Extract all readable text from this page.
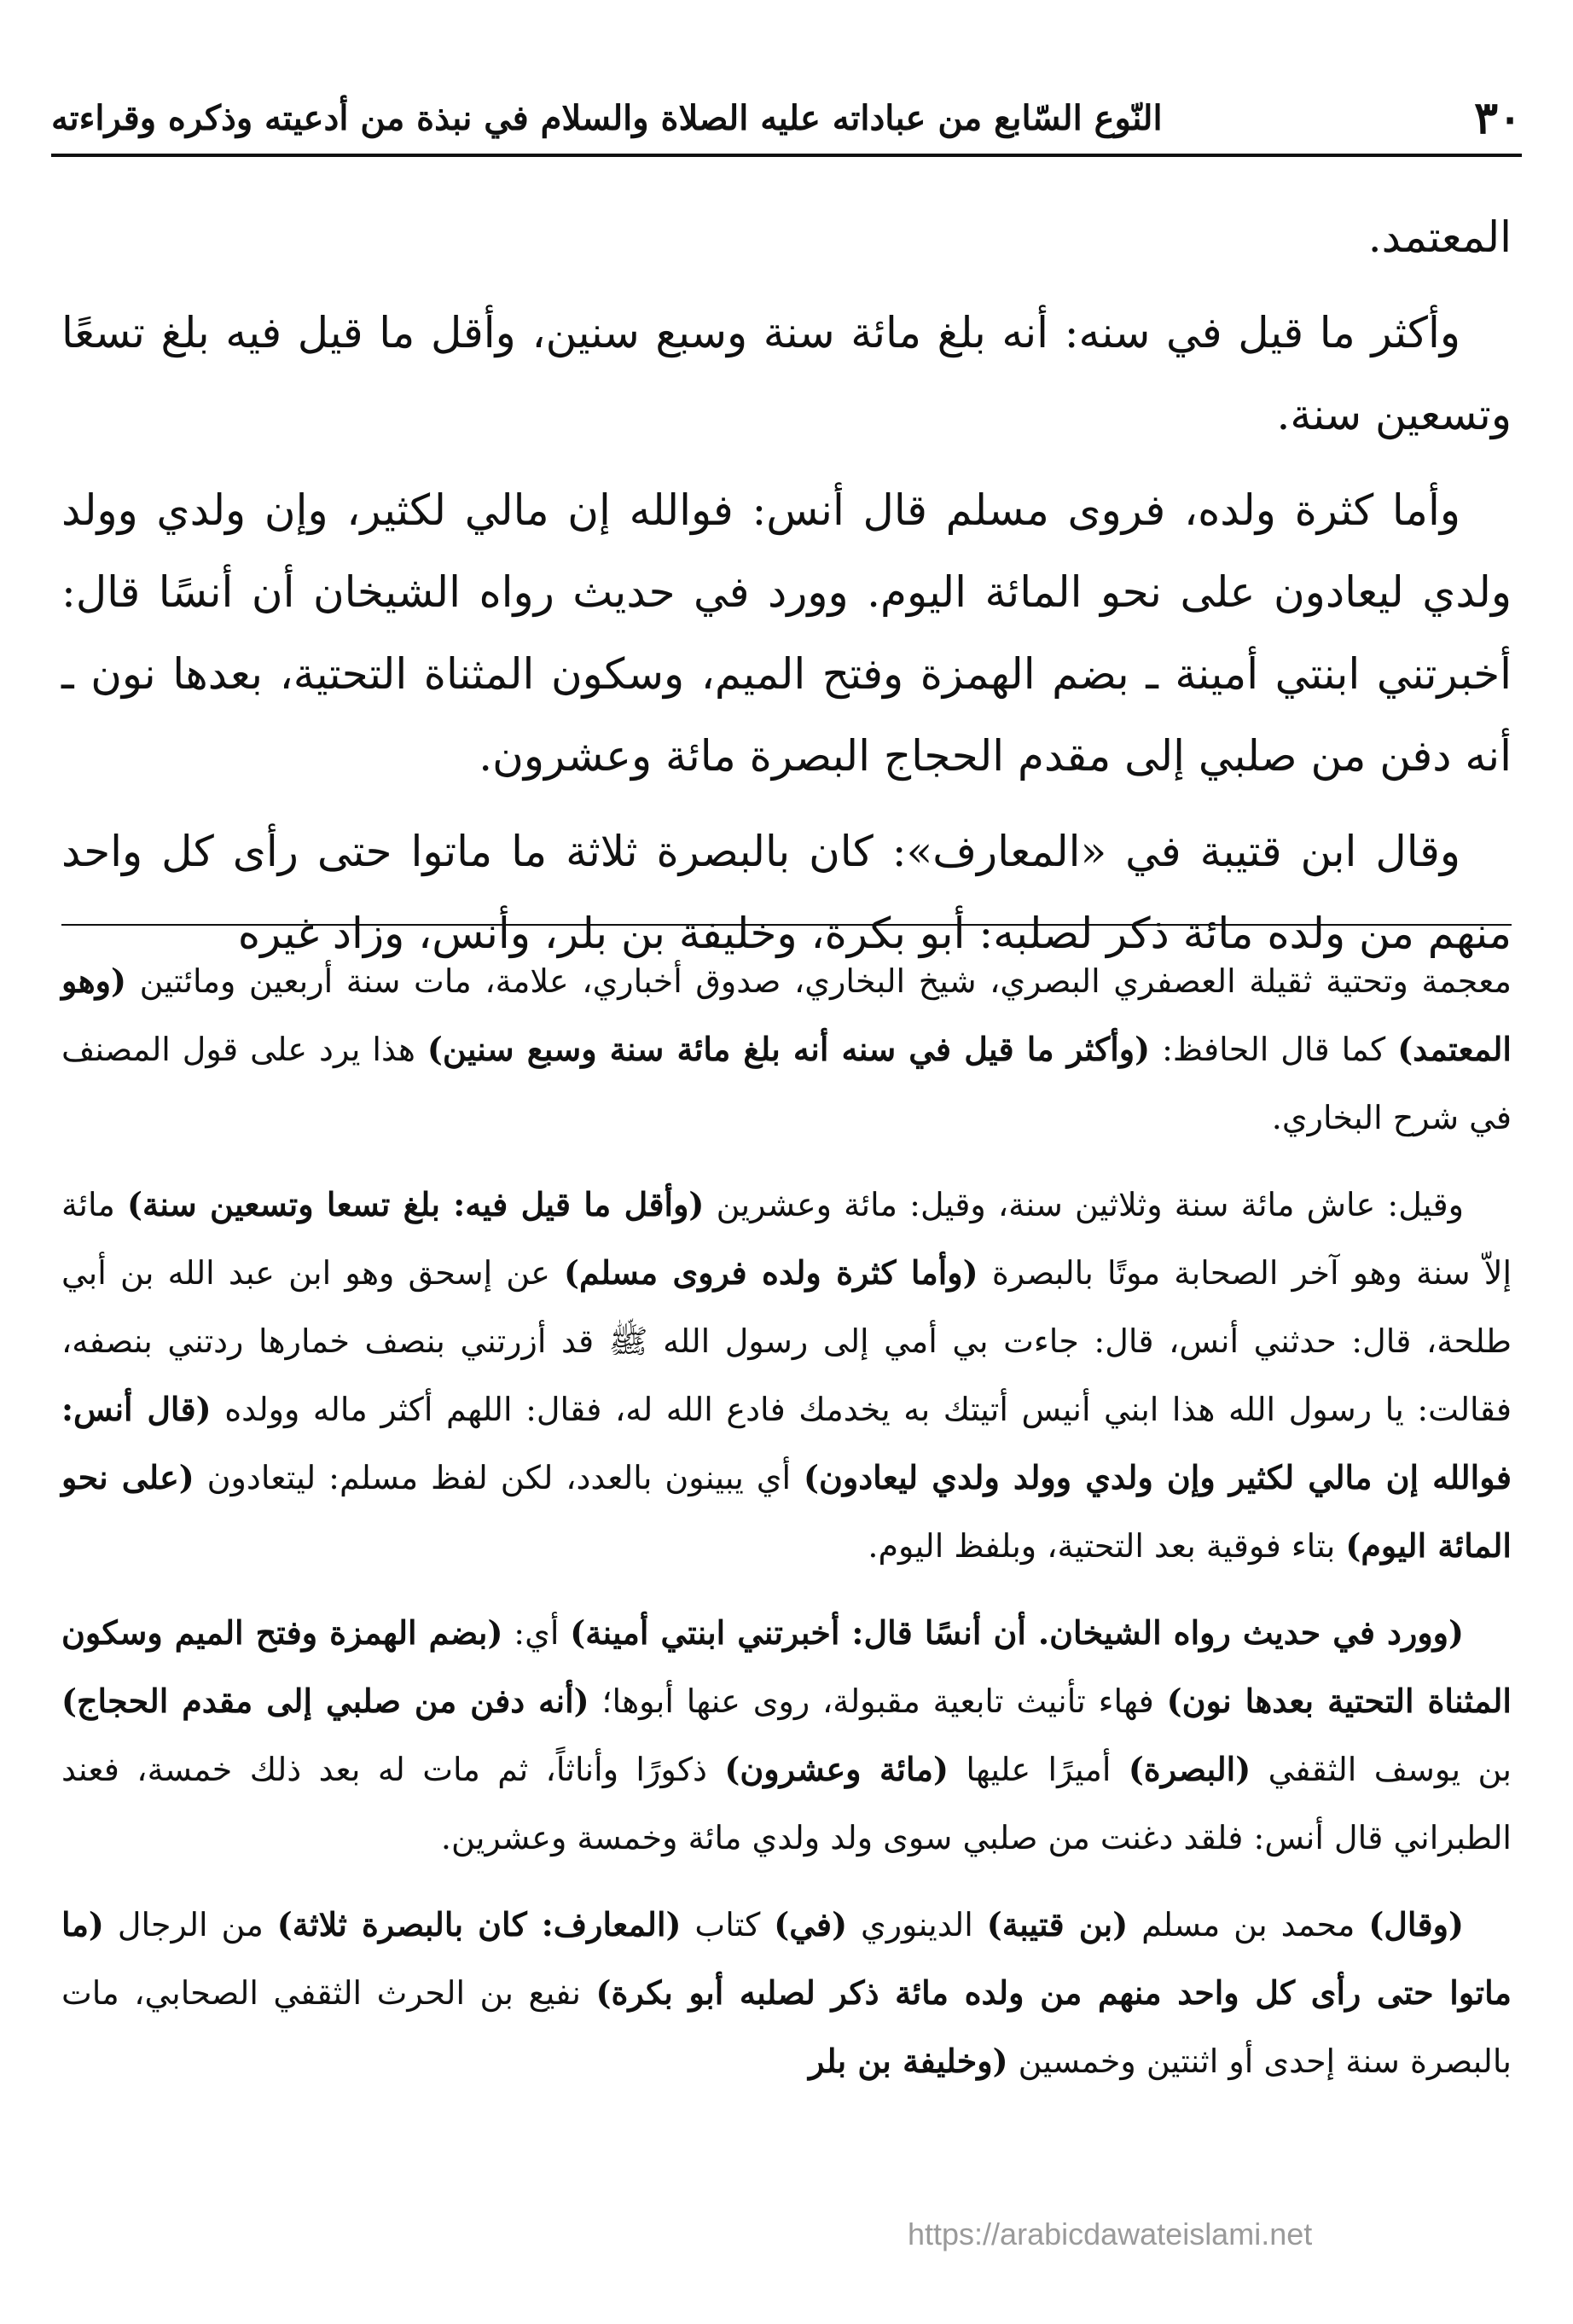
٣٠
النّوع السّابع من عباداته عليه الصلاة والسلام في نبذة من أدعيته وذكره وقراءته

المعتمد.

وأكثر ما قيل في سنه: أنه بلغ مائة سنة وسبع سنين، وأقل ما قيل فيه بلغ تسعًا وتسعين سنة.

وأما كثرة ولده، فروى مسلم قال أنس: فوالله إن مالي لكثير، وإن ولدي وولد ولدي ليعادون على نحو المائة اليوم. وورد في حديث رواه الشيخان أن أنسًا قال: أخبرتني ابنتي أمينة ـ بضم الهمزة وفتح الميم، وسكون المثناة التحتية، بعدها نون ـ أنه دفن من صلبي إلى مقدم الحجاج البصرة مائة وعشرون.

وقال ابن قتيبة في «المعارف»: كان بالبصرة ثلاثة ما ماتوا حتى رأى كل واحد منهم من ولده مائة ذكر لصلبه: أبو بكرة، وخليفة بن بلر، وأنس، وزاد غيره

معجمة وتحتية ثقيلة العصفري البصري، شيخ البخاري، صدوق أخباري، علامة، مات سنة أربعين ومائتين (وهو المعتمد) كما قال الحافظ: (وأكثر ما قيل في سنه أنه بلغ مائة سنة وسبع سنين) هذا يرد على قول المصنف في شرح البخاري.

وقيل: عاش مائة سنة وثلاثين سنة، وقيل: مائة وعشرين (وأقل ما قيل فيه: بلغ تسعا وتسعين سنة) مائة إلاّ سنة وهو آخر الصحابة موتًا بالبصرة (وأما كثرة ولده فروى مسلم) عن إسحق وهو ابن عبد الله بن أبي طلحة، قال: حدثني أنس، قال: جاءت بي أمي إلى رسول الله ﷺ قد أزرتني بنصف خمارها ردتني بنصفه، فقالت: يا رسول الله هذا ابني أنيس أتيتك به يخدمك فادع الله له، فقال: اللهم أكثر ماله وولده (قال أنس: فوالله إن مالي لكثير وإن ولدي وولد ولدي ليعادون) أي يبينون بالعدد، لكن لفظ مسلم: ليتعادون (على نحو المائة اليوم) بتاء فوقية بعد التحتية، وبلفظ اليوم.

(وورد في حديث رواه الشيخان. أن أنسًا قال: أخبرتني ابنتي أمينة) أي: (بضم الهمزة وفتح الميم وسكون المثناة التحتية بعدها نون) فهاء تأنيث تابعية مقبولة، روى عنها أبوها؛ (أنه دفن من صلبي إلى مقدم الحجاج) بن يوسف الثقفي (البصرة) أميرًا عليها (مائة وعشرون) ذكورًا وأناثاً، ثم مات له بعد ذلك خمسة، فعند الطبراني قال أنس: فلقد دغنت من صلبي سوى ولد ولدي مائة وخمسة وعشرين.

(وقال) محمد بن مسلم (بن قتيبة) الدينوري (في) كتاب (المعارف: كان بالبصرة ثلاثة) من الرجال (ما ماتوا حتى رأى كل واحد منهم من ولده مائة ذكر لصلبه أبو بكرة) نفيع بن الحرث الثقفي الصحابي، مات بالبصرة سنة إحدى أو اثنتين وخمسين (وخليفة بن بلر

https://arabicdawateislami.net
